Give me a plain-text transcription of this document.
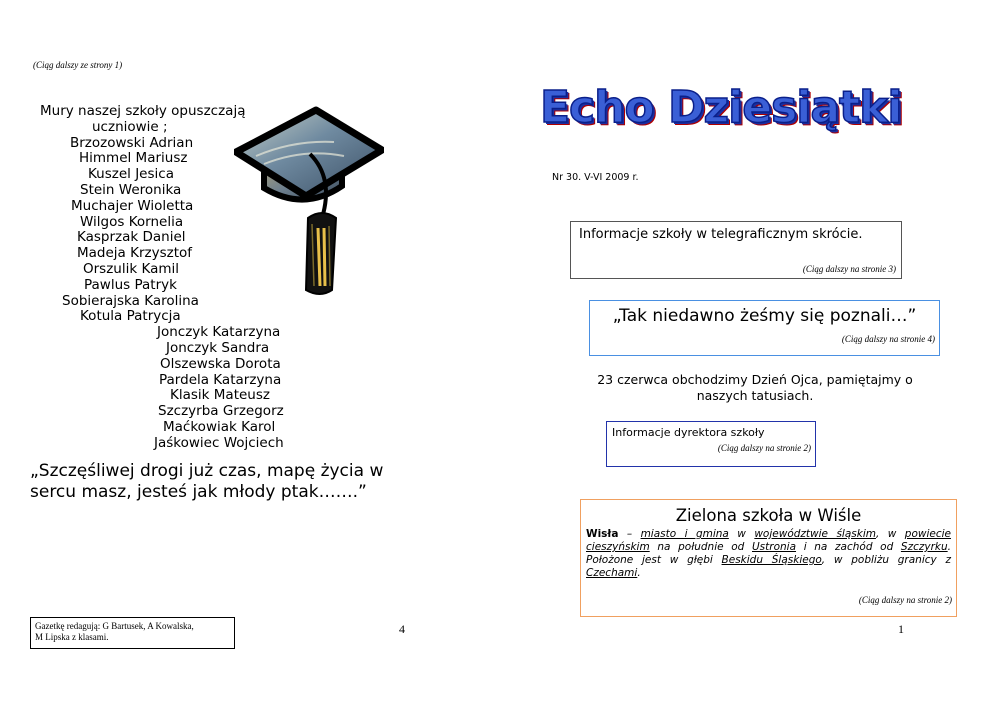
(Ciąg dalszy ze strony 1)
Mury naszej szkoły opuszczają
uczniowie ;
Brzozowski Adrian
Himmel Mariusz
Kuszel Jesica
Stein Weronika
Muchajer Wioletta
Wilgos Kornelia
Kasprzak Daniel
Madeja Krzysztof
Orszulik Kamil
Pawlus Patryk
Sobierajska Karolina
Kotula Patrycja
Jonczyk Katarzyna
Jonczyk Sandra
Olszewska Dorota
Pardela Katarzyna
Klasik Mateusz
Szczyrba Grzegorz
Maćkowiak Karol
Jaśkowiec Wojciech
„Szczęśliwej drogi już czas, mapę życia w sercu masz, jesteś jak młody ptak…….”
Gazetkę redagują: G Bartusek, A Kowalska,
M Lipska z klasami.
4
Echo Dziesiątki
Nr 30. V-VI 2009 r.
Informacje szkoły w telegraficznym skrócie.
(Ciąg dalszy na stronie 3)
„Tak niedawno żeśmy się poznali…”
(Ciąg dalszy na stronie 4)
23 czerwca obchodzimy Dzień Ojca, pamiętajmy o naszych tatusiach.
Informacje dyrektora szkoły
(Ciąg dalszy na stronie 2)
Zielona szkoła w Wiśle
Wisła – miasto i gmina w województwie śląskim, w powiecie cieszyńskim na południe od Ustronia i na zachód od Szczyrku. Położone jest w głębi Beskidu Śląskiego, w pobliżu granicy z Czechami.
(Ciąg dalszy na stronie 2)
1
